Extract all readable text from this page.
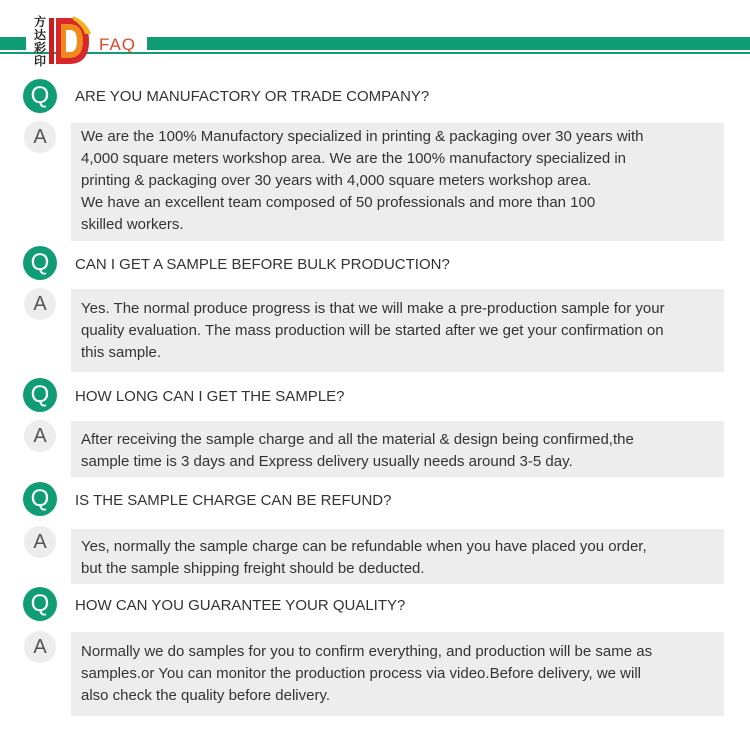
方达彩印
FAQ
Q	ARE YOU MANUFACTORY OR TRADE COMPANY?
A	We are the 100% Manufactory specialized in printing & packaging over 30 years with
4,000 square meters workshop area. We are the 100% manufactory specialized in
printing & packaging over 30 years with 4,000 square meters workshop area.
We have an excellent team composed of 50 professionals and more than 100
skilled workers.
Q	CAN I GET A SAMPLE BEFORE BULK PRODUCTION?
A	Yes. The normal produce progress is that we will make a pre-production sample for your
quality evaluation. The mass production will be started after we get your confirmation on
this sample.
Q	HOW LONG CAN I GET THE SAMPLE?
A	After receiving the sample charge and all the material & design being confirmed,the
sample time is 3 days and Express delivery usually needs around 3-5 day.
Q	IS THE SAMPLE CHARGE CAN BE REFUND?
A	Yes, normally the sample charge can be refundable when you have placed you order,
but the sample shipping freight should be deducted.
Q	HOW CAN YOU GUARANTEE YOUR QUALITY?
A	Normally we do samples for you to confirm everything, and production will be same as
samples.or You can monitor the production process via video.Before delivery, we will
also check the quality before delivery.
